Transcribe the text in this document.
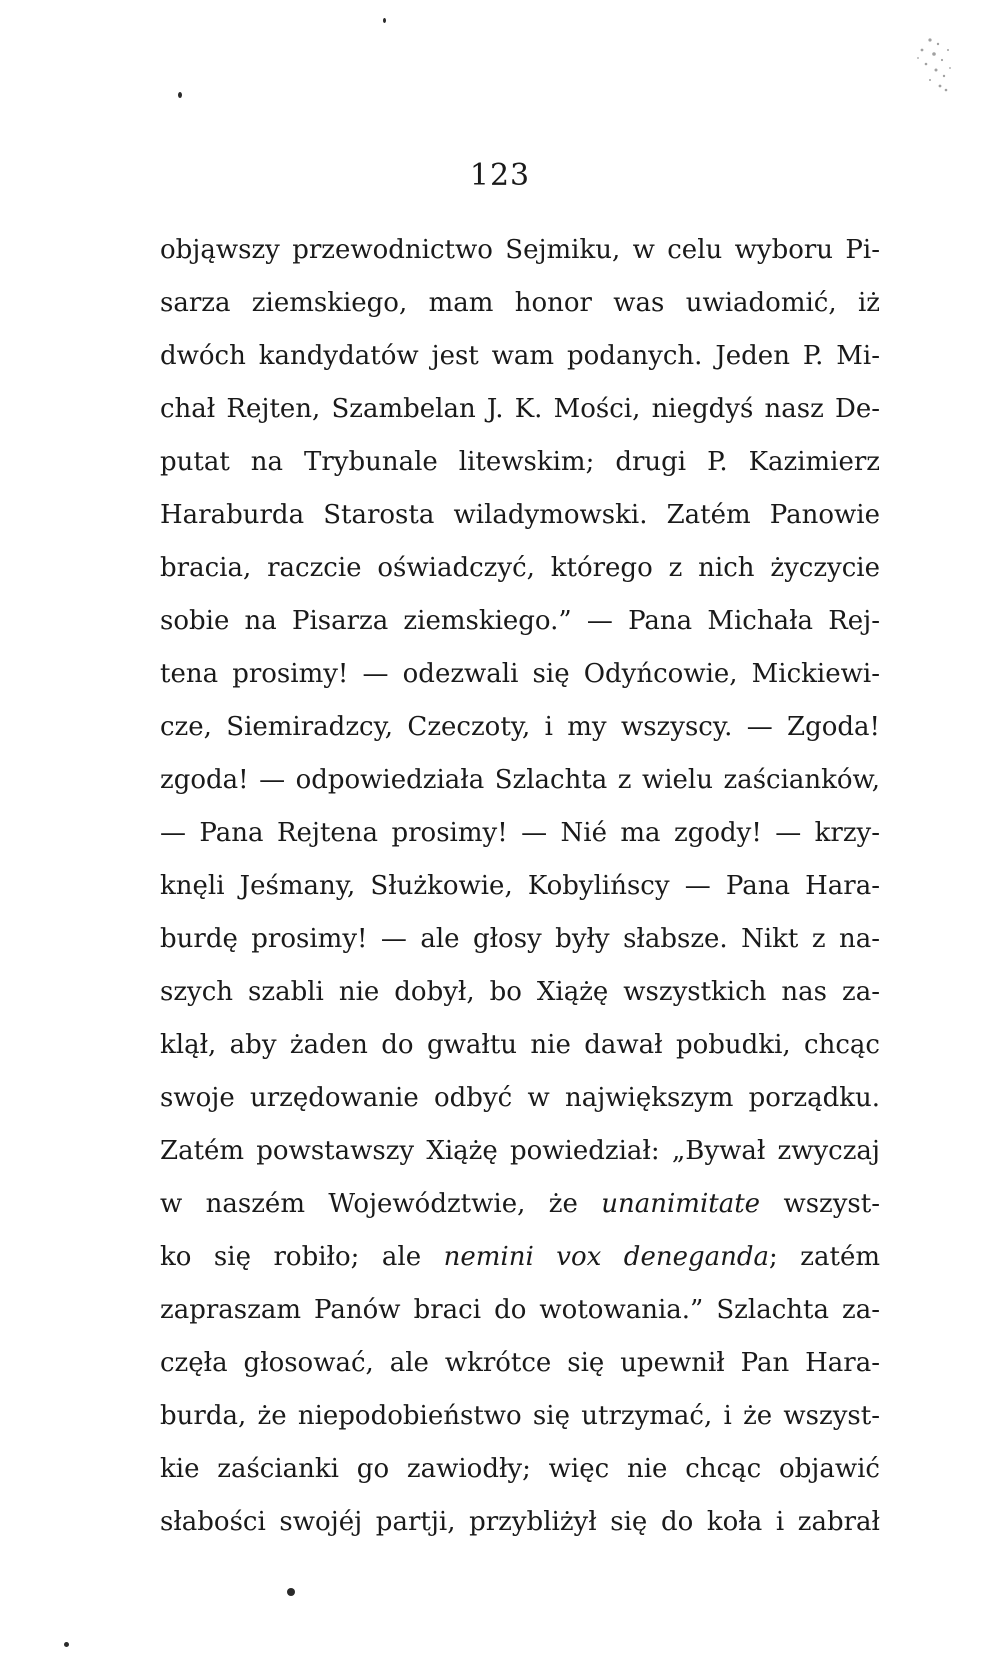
123
objąwszy przewodnictwo Sejmiku, w celu wyboru Pi-
sarza ziemskiego, mam honor was uwiadomić, iż
dwóch kandydatów jest wam podanych. Jeden P. Mi-
chał Rejten, Szambelan J. K. Mości, niegdyś nasz De-
putat na Trybunale litewskim; drugi P. Kazimierz
Haraburda Starosta wiladymowski. Zatém Panowie
bracia, raczcie oświadczyć, którego z nich życzycie
sobie na Pisarza ziemskiego.” — Pana Michała Rej-
tena prosimy! — odezwali się Odyńcowie, Mickiewi-
cze, Siemiradzcy, Czeczoty, i my wszyscy. — Zgoda!
zgoda! — odpowiedziała Szlachta z wielu zaścianków,
— Pana Rejtena prosimy! — Nié ma zgody! — krzy-
knęli Jeśmany, Służkowie, Kobylińscy — Pana Hara-
burdę prosimy! — ale głosy były słabsze. Nikt z na-
szych szabli nie dobył, bo Xiążę wszystkich nas za-
klął, aby żaden do gwałtu nie dawał pobudki, chcąc
swoje urzędowanie odbyć w największym porządku.
Zatém powstawszy Xiążę powiedział: „Bywał zwyczaj
w naszém Województwie, że unanimitate wszyst-
ko się robiło; ale nemini vox deneganda; zatém
zapraszam Panów braci do wotowania.” Szlachta za-
częła głosować, ale wkrótce się upewnił Pan Hara-
burda, że niepodobieństwo się utrzymać, i że wszyst-
kie zaścianki go zawiodły; więc nie chcąc objawić
słabości swojéj partji, przybliżył się do koła i zabrał
